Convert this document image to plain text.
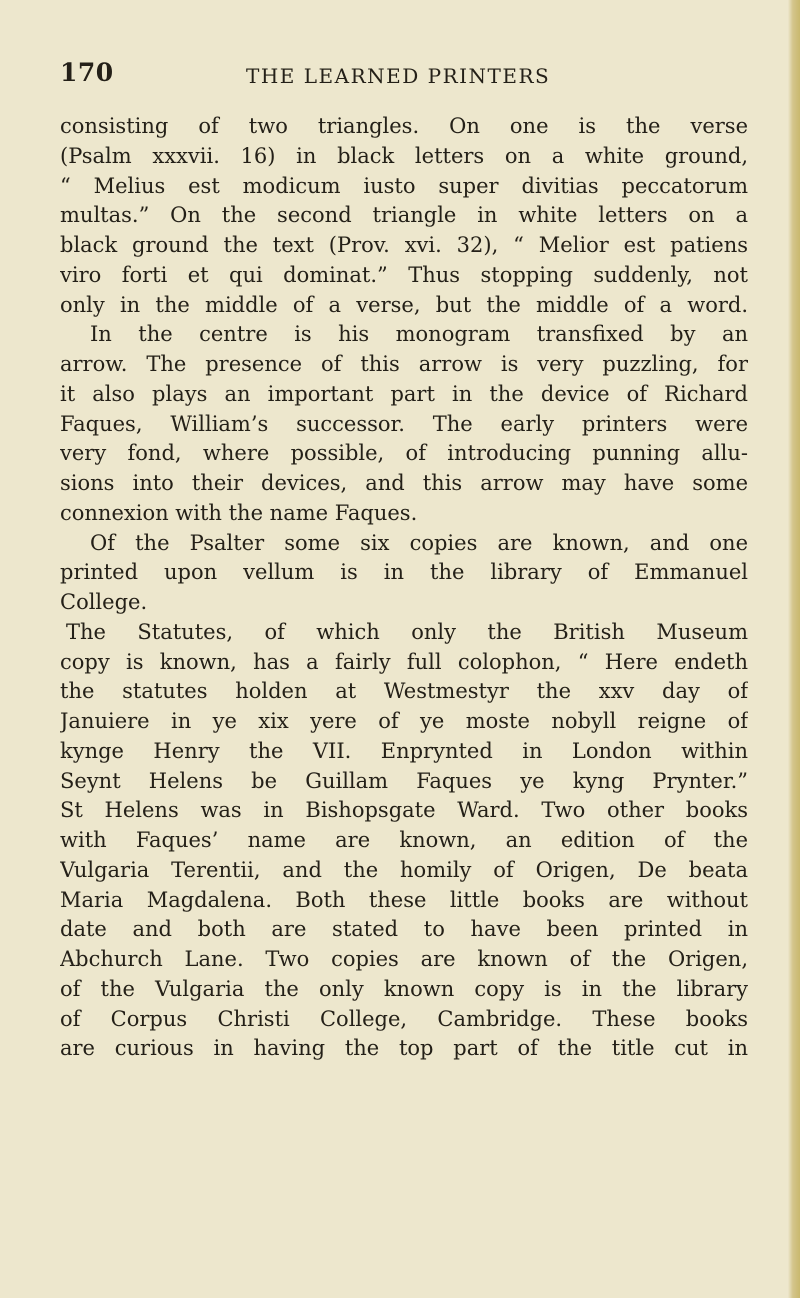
170	THE LEARNED PRINTERS
consisting of two triangles. On one is the verse
(Psalm xxxvii. 16) in black letters on a white ground,
“ Melius est modicum iusto super divitias peccatorum
multas.” On the second triangle in white letters on a
black ground the text (Prov. xvi. 32), “ Melior est patiens
viro forti et qui dominat.” Thus stopping suddenly, not
only in the middle of a verse, but the middle of a word.
In the centre is his monogram transfixed by an
arrow. The presence of this arrow is very puzzling, for
it also plays an important part in the device of Richard
Faques, William’s successor. The early printers were
very fond, where possible, of introducing punning allu-
sions into their devices, and this arrow may have some
connexion with the name Faques.
Of the Psalter some six copies are known, and one
printed upon vellum is in the library of Emmanuel
College.
The Statutes, of which only the British Museum
copy is known, has a fairly full colophon, “ Here endeth
the statutes holden at Westmestyr the xxv day of
Januiere in ye xix yere of ye moste nobyll reigne of
kynge Henry the VII. Enprynted in London within
Seynt Helens be Guillam Faques ye kyng Prynter.”
St Helens was in Bishopsgate Ward. Two other books
with Faques’ name are known, an edition of the
Vulgaria Terentii, and the homily of Origen, De beata
Maria Magdalena. Both these little books are without
date and both are stated to have been printed in
Abchurch Lane. Two copies are known of the Origen,
of the Vulgaria the only known copy is in the library
of Corpus Christi College, Cambridge. These books
are curious in having the top part of the title cut in
